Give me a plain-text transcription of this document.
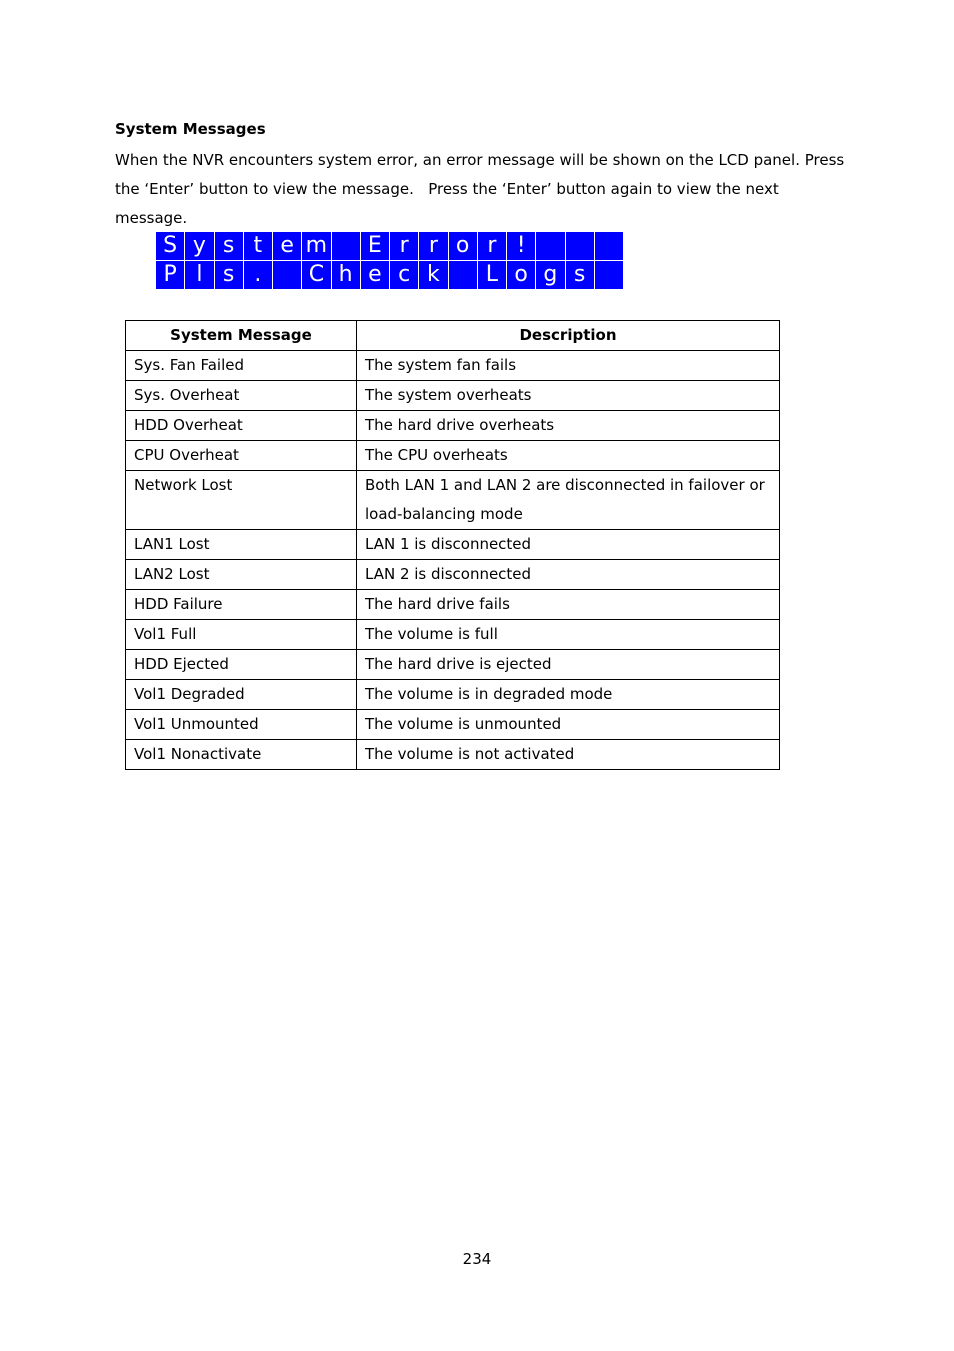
System Messages
When the NVR encounters system error, an error message will be shown on the LCD panel. Press the ‘Enter’ button to view the message.   Press the ‘Enter’ button again to view the next message.
S y s t e m	E r r o r !
P l s .	C h e c k	L o g s
System Message	Description
Sys. Fan Failed	The system fan fails
Sys. Overheat	The system overheats
HDD Overheat	The hard drive overheats
CPU Overheat	The CPU overheats
Network Lost	Both LAN 1 and LAN 2 are disconnected in failover or load-balancing mode
LAN1 Lost	LAN 1 is disconnected
LAN2 Lost	LAN 2 is disconnected
HDD Failure	The hard drive fails
Vol1 Full	The volume is full
HDD Ejected	The hard drive is ejected
Vol1 Degraded	The volume is in degraded mode
Vol1 Unmounted	The volume is unmounted
Vol1 Nonactivate	The volume is not activated
234
